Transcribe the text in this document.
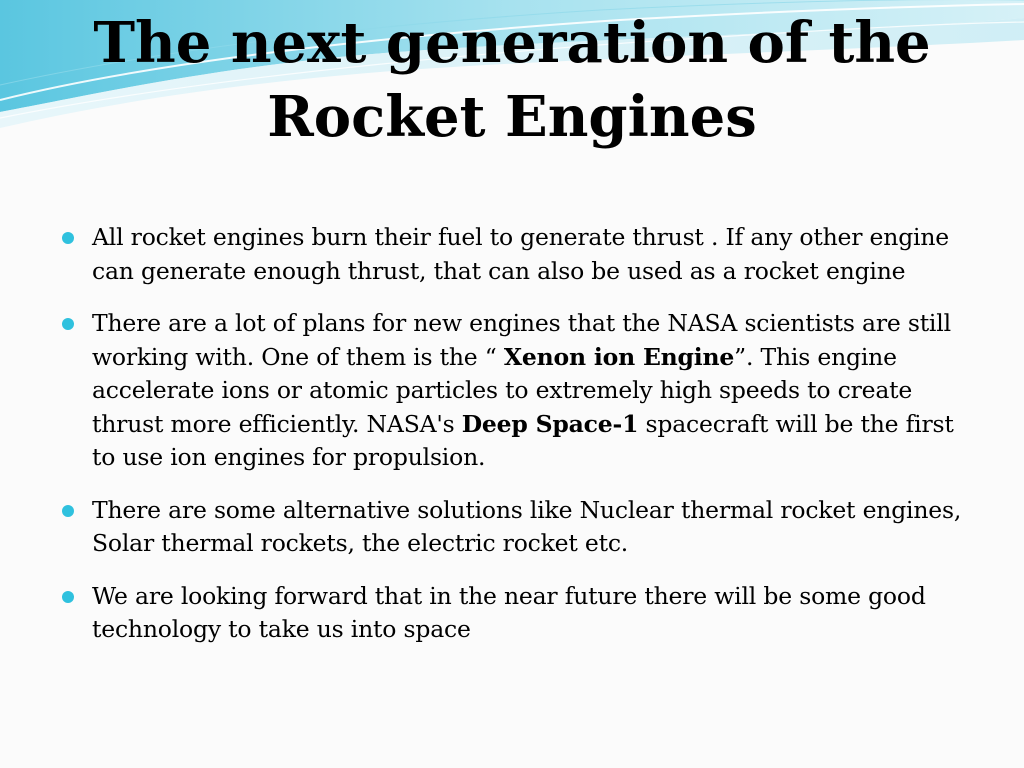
The next generation of the
Rocket Engines
All rocket engines burn their fuel to generate thrust . If any other engine can generate enough thrust, that can also be used as a rocket engine
There are a lot of plans for new engines that the NASA scientists are still working with. One of them is the “ Xenon ion Engine”. This engine accelerate ions or atomic particles to extremely high speeds to create thrust more efficiently. NASA's Deep Space-1 spacecraft will be the first to use ion engines for propulsion.
There are some alternative solutions like Nuclear thermal rocket engines, Solar thermal rockets, the electric rocket etc.
We are looking forward that in the near future there will be some good technology to take us into space
